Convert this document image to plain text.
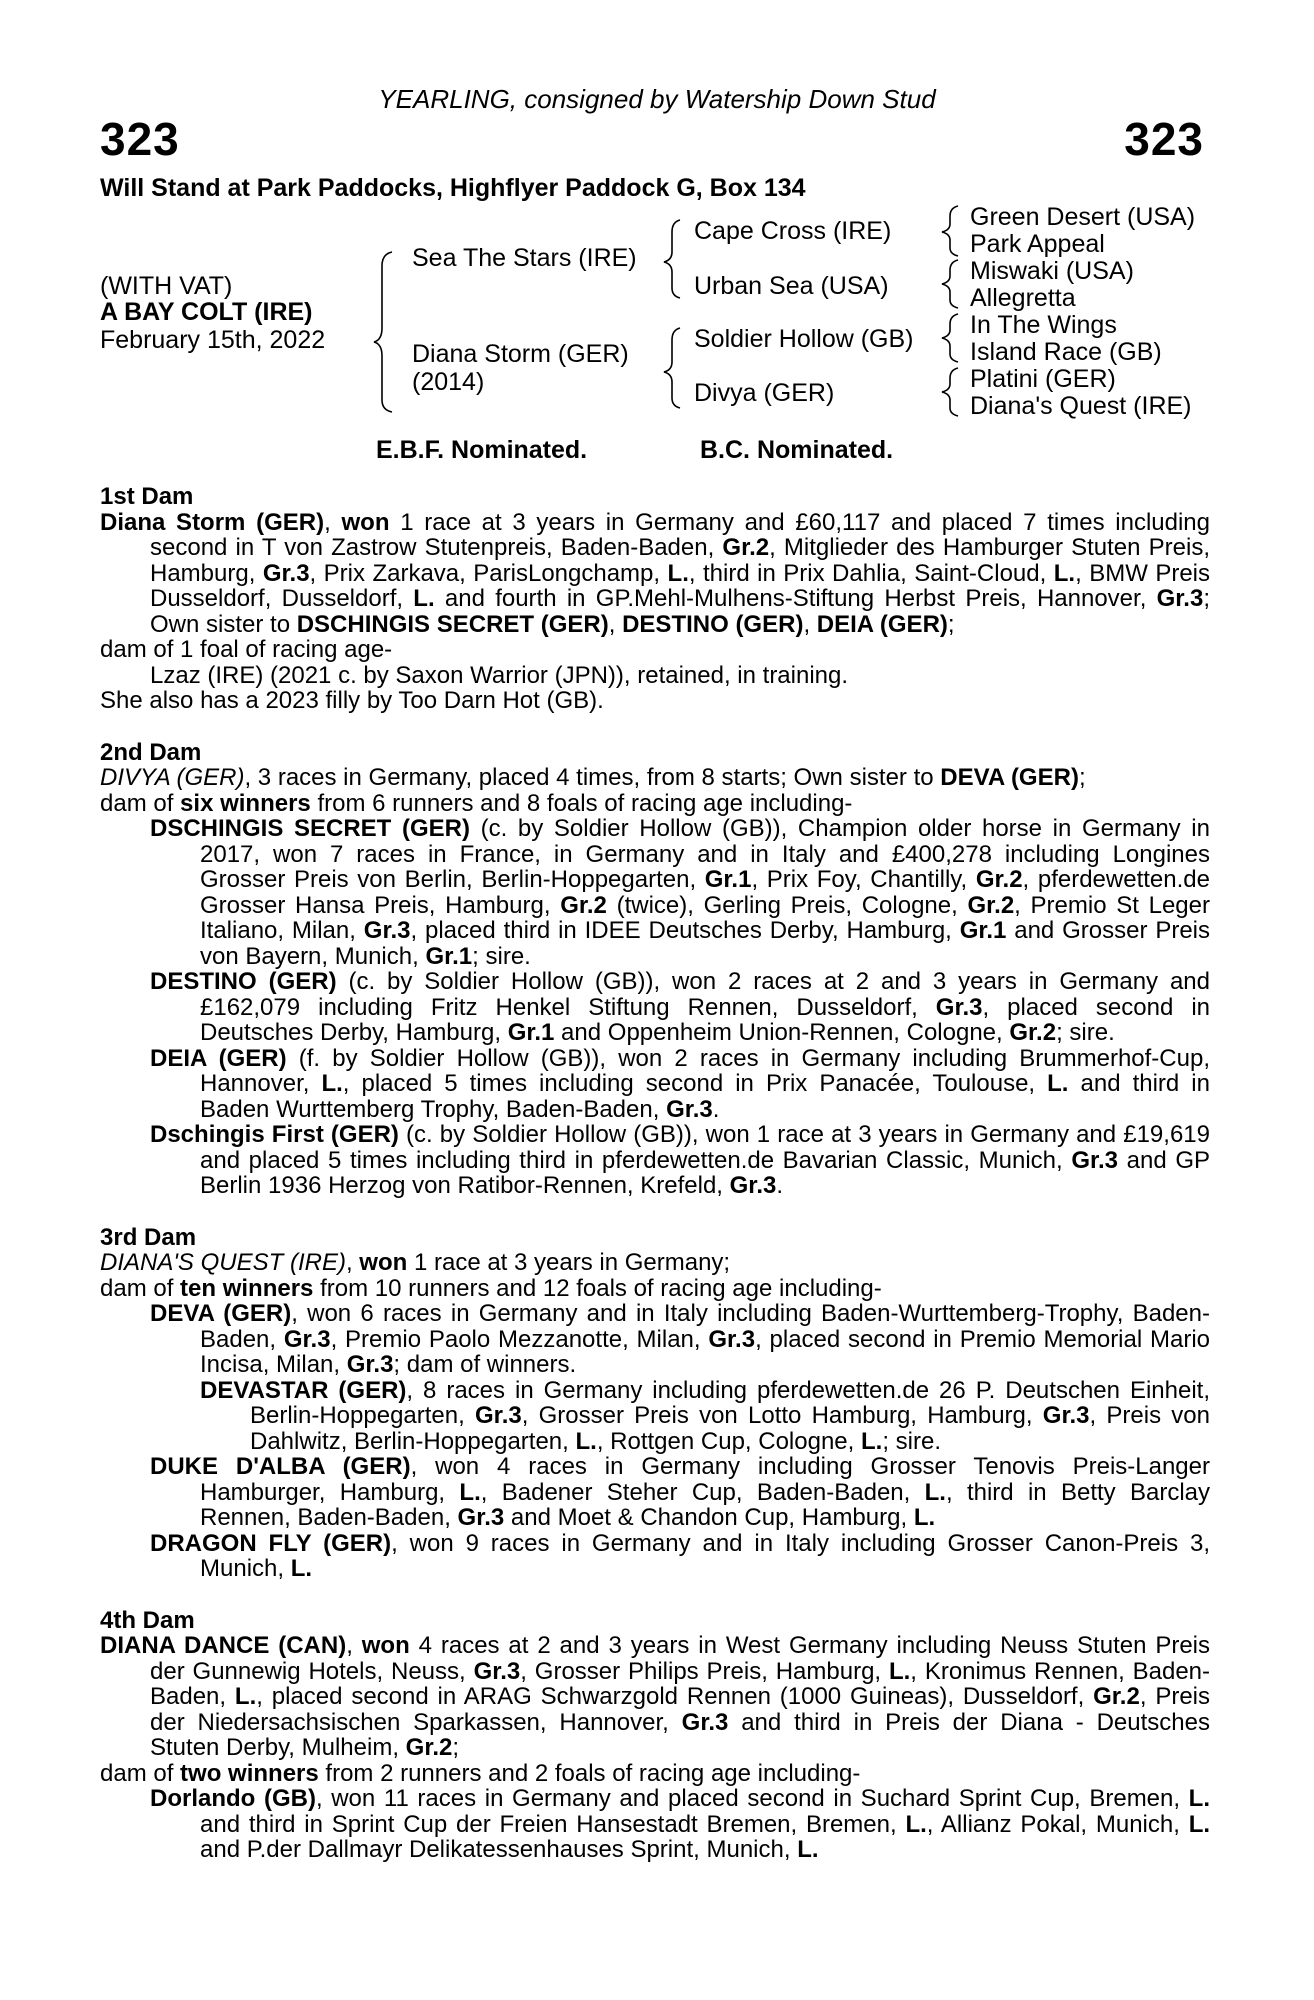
YEARLING, consigned by Watership Down Stud
323	323
Will Stand at Park Paddocks, Highflyer Paddock G, Box 134
(WITH VAT)
A BAY COLT (IRE)
February 15th, 2022
Sea The Stars (IRE)
Diana Storm (GER)
(2014)
Cape Cross (IRE)
Urban Sea (USA)
Soldier Hollow (GB)
Divya (GER)
Green Desert (USA)
Park Appeal
Miswaki (USA)
Allegretta
In The Wings
Island Race (GB)
Platini (GER)
Diana's Quest (IRE)
E.B.F. Nominated.	B.C. Nominated.
1st Dam
Diana Storm (GER), won 1 race at 3 years in Germany and £60,117 and placed 7 times including second in T von Zastrow Stutenpreis, Baden-Baden, Gr.2, Mitglieder des Hamburger Stuten Preis, Hamburg, Gr.3, Prix Zarkava, ParisLongchamp, L., third in Prix Dahlia, Saint-Cloud, L., BMW Preis Dusseldorf, Dusseldorf, L. and fourth in GP.Mehl-Mulhens-Stiftung Herbst Preis, Hannover, Gr.3; Own sister to DSCHINGIS SECRET (GER), DESTINO (GER), DEIA (GER);
dam of 1 foal of racing age-
Lzaz (IRE) (2021 c. by Saxon Warrior (JPN)), retained, in training.
She also has a 2023 filly by Too Darn Hot (GB).
2nd Dam
DIVYA (GER), 3 races in Germany, placed 4 times, from 8 starts; Own sister to DEVA (GER);
dam of six winners from 6 runners and 8 foals of racing age including-
DSCHINGIS SECRET (GER) (c. by Soldier Hollow (GB)), Champion older horse in Germany in 2017, won 7 races in France, in Germany and in Italy and £400,278 including Longines Grosser Preis von Berlin, Berlin-Hoppegarten, Gr.1, Prix Foy, Chantilly, Gr.2, pferdewetten.de Grosser Hansa Preis, Hamburg, Gr.2 (twice), Gerling Preis, Cologne, Gr.2, Premio St Leger Italiano, Milan, Gr.3, placed third in IDEE Deutsches Derby, Hamburg, Gr.1 and Grosser Preis von Bayern, Munich, Gr.1; sire.
DESTINO (GER) (c. by Soldier Hollow (GB)), won 2 races at 2 and 3 years in Germany and £162,079 including Fritz Henkel Stiftung Rennen, Dusseldorf, Gr.3, placed second in Deutsches Derby, Hamburg, Gr.1 and Oppenheim Union-Rennen, Cologne, Gr.2; sire.
DEIA (GER) (f. by Soldier Hollow (GB)), won 2 races in Germany including Brummerhof-Cup, Hannover, L., placed 5 times including second in Prix Panacée, Toulouse, L. and third in Baden Wurttemberg Trophy, Baden-Baden, Gr.3.
Dschingis First (GER) (c. by Soldier Hollow (GB)), won 1 race at 3 years in Germany and £19,619 and placed 5 times including third in pferdewetten.de Bavarian Classic, Munich, Gr.3 and GP Berlin 1936 Herzog von Ratibor-Rennen, Krefeld, Gr.3.
3rd Dam
DIANA'S QUEST (IRE), won 1 race at 3 years in Germany;
dam of ten winners from 10 runners and 12 foals of racing age including-
DEVA (GER), won 6 races in Germany and in Italy including Baden-Wurttemberg-Trophy, Baden-Baden, Gr.3, Premio Paolo Mezzanotte, Milan, Gr.3, placed second in Premio Memorial Mario Incisa, Milan, Gr.3; dam of winners.
DEVASTAR (GER), 8 races in Germany including pferdewetten.de 26 P. Deutschen Einheit, Berlin-Hoppegarten, Gr.3, Grosser Preis von Lotto Hamburg, Hamburg, Gr.3, Preis von Dahlwitz, Berlin-Hoppegarten, L., Rottgen Cup, Cologne, L.; sire.
DUKE D'ALBA (GER), won 4 races in Germany including Grosser Tenovis Preis-Langer Hamburger, Hamburg, L., Badener Steher Cup, Baden-Baden, L., third in Betty Barclay Rennen, Baden-Baden, Gr.3 and Moet & Chandon Cup, Hamburg, L.
DRAGON FLY (GER), won 9 races in Germany and in Italy including Grosser Canon-Preis 3, Munich, L.
4th Dam
DIANA DANCE (CAN), won 4 races at 2 and 3 years in West Germany including Neuss Stuten Preis der Gunnewig Hotels, Neuss, Gr.3, Grosser Philips Preis, Hamburg, L., Kronimus Rennen, Baden-Baden, L., placed second in ARAG Schwarzgold Rennen (1000 Guineas), Dusseldorf, Gr.2, Preis der Niedersachsischen Sparkassen, Hannover, Gr.3 and third in Preis der Diana - Deutsches Stuten Derby, Mulheim, Gr.2;
dam of two winners from 2 runners and 2 foals of racing age including-
Dorlando (GB), won 11 races in Germany and placed second in Suchard Sprint Cup, Bremen, L. and third in Sprint Cup der Freien Hansestadt Bremen, Bremen, L., Allianz Pokal, Munich, L. and P.der Dallmayr Delikatessenhauses Sprint, Munich, L.
